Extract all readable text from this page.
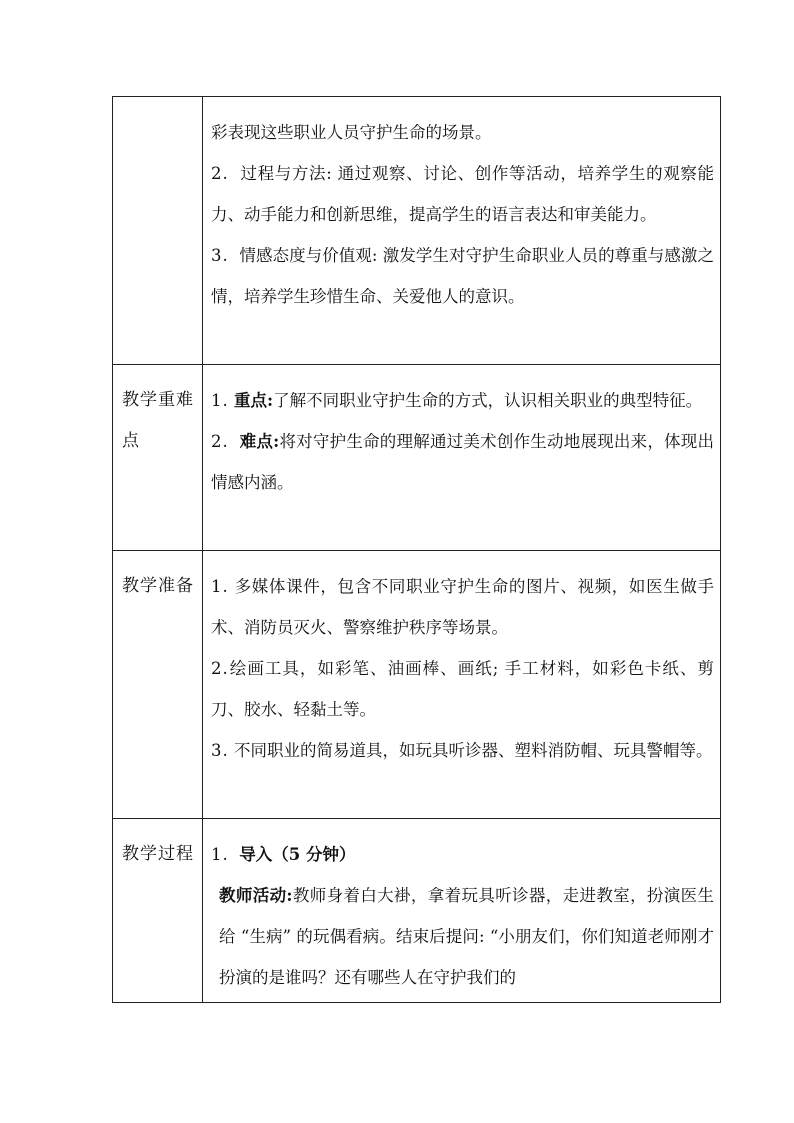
	彩表现这些职业人员守护生命的场景。

2. 过程与方法: 通过观察、讨论、创作等活动，培养学生的观察能力、动手能力和创新思维，提高学生的语言表达和审美能力。

3. 情感态度与价值观: 激发学生对守护生命职业人员的尊重与感激之情，培养学生珍惜生命、关爱他人的意识。

教学重难点	1. 重点:了解不同职业守护生命的方式，认识相关职业的典型特征。

2. 难点:将对守护生命的理解通过美术创作生动地展现出来，体现出情感内涵。

教学准备	1. 多媒体课件，包含不同职业守护生命的图片、视频，如医生做手术、消防员灭火、警察维护秩序等场景。

2.绘画工具，如彩笔、油画棒、画纸; 手工材料，如彩色卡纸、剪刀、胶水、轻黏土等。

3. 不同职业的简易道具，如玩具听诊器、塑料消防帽、玩具警帽等。

教学过程	1. 导入（5 分钟）

教师活动:教师身着白大褂，拿着玩具听诊器，走进教室，扮演医生给 “生病” 的玩偶看病。结束后提问: “小朋友们，你们知道老师刚才扮演的是谁吗？还有哪些人在守护我们的
